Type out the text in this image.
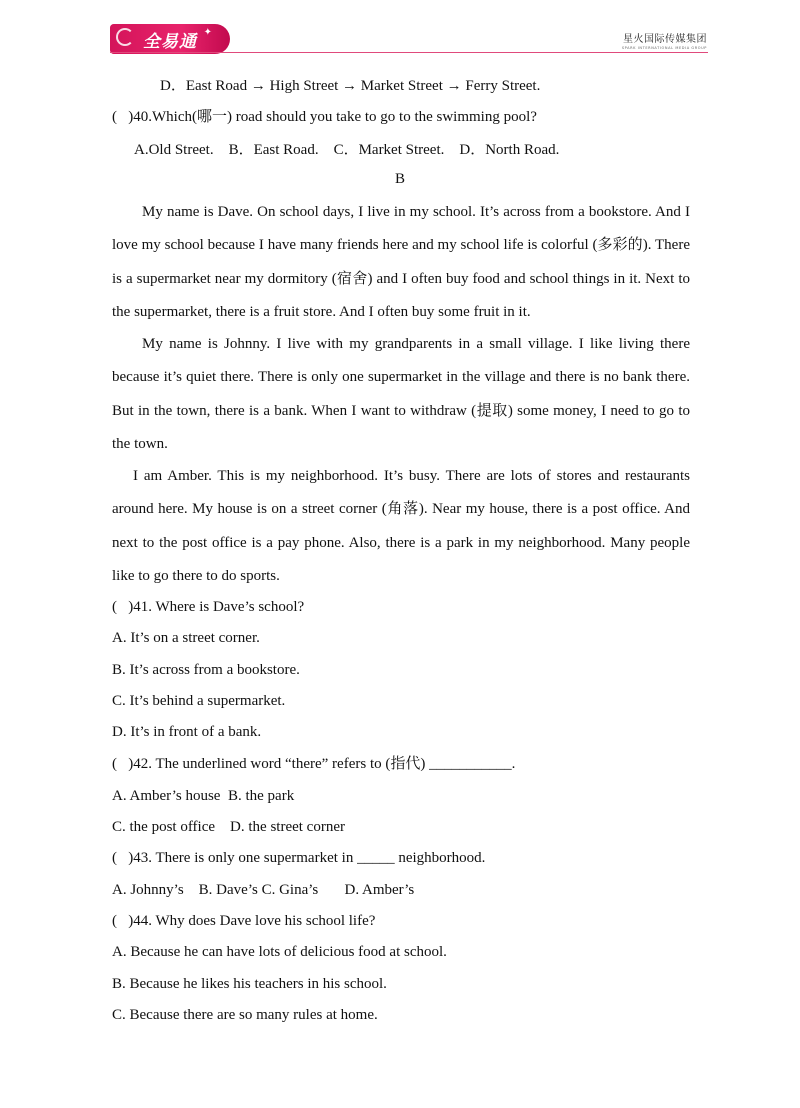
全易通 ✦
星火国际传媒集团
SPARK INTERNATIONAL MEDIA GROUP
D．East Road → High Street → Market Street → Ferry Street.
(   )40.Which(哪一) road should you take to go to the swimming pool?
A.Old Street.    B．East Road.    C．Market Street.    D．North Road.
B
My name is Dave. On school days, I live in my school. It’s across from a bookstore. And I love my school because I have many friends here and my school life is colorful (多彩的). There is a supermarket near my dormitory (宿舍) and I often buy food and school things in it. Next to the supermarket, there is a fruit store. And I often buy some fruit in it.
My name is Johnny. I live with my grandparents in a small village. I like living there because it’s quiet there. There is only one supermarket in the village and there is no bank there. But in the town, there is a bank. When I want to withdraw (提取) some money, I need to go to the town.
I am Amber. This is my neighborhood. It’s busy. There are lots of stores and restaurants around here. My house is on a street corner (角落). Near my house, there is a post office. And next to the post office is a pay phone. Also, there is a park in my neighborhood. Many people like to go there to do sports.
(   )41. Where is Dave’s school?
A. It’s on a street corner.
B. It’s across from a bookstore.
C. It’s behind a supermarket.
D. It’s in front of a bank.
(   )42. The underlined word “there” refers to (指代) ___________.
A. Amber’s house  B. the park
C. the post office    D. the street corner
(   )43. There is only one supermarket in _____ neighborhood.
A. Johnny’s    B. Dave’s C. Gina’s       D. Amber’s
(   )44. Why does Dave love his school life?
A. Because he can have lots of delicious food at school.
B. Because he likes his teachers in his school.
C. Because there are so many rules at home.
